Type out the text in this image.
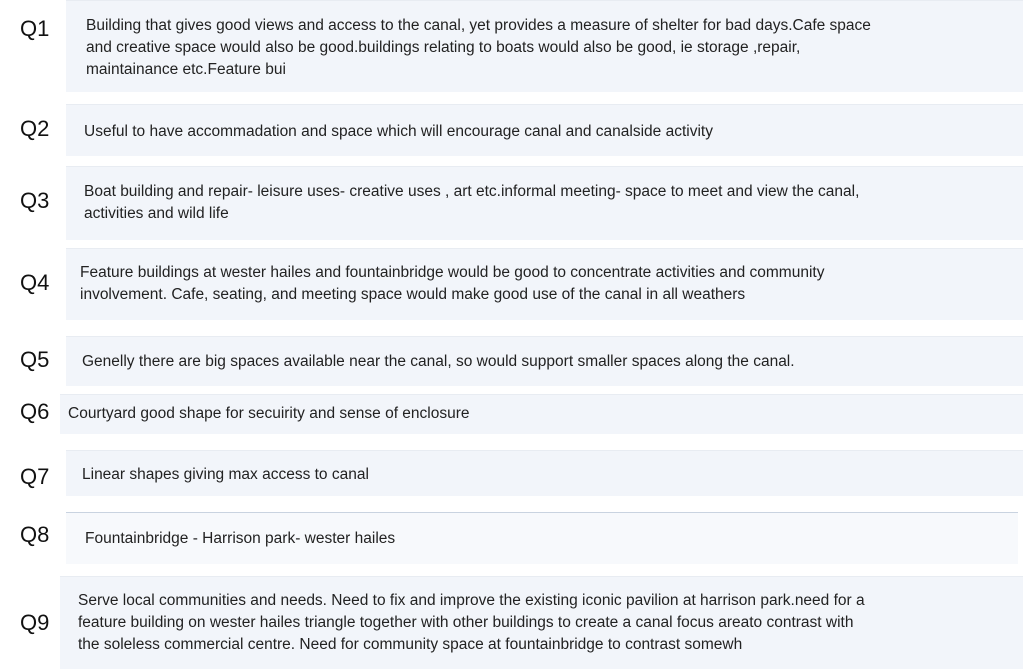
Q1 Building that gives good views and access to the canal, yet provides a measure of shelter for bad days.Cafe space
and creative space would also be good.buildings relating to boats would also be good, ie storage ,repair,
maintainance etc.Feature bui
Q2 Useful to have accommadation and space which will encourage canal and canalside activity
Q3 Boat building and repair- leisure uses- creative uses , art etc.informal meeting- space to meet and view the canal,
activities and wild life
Q4 Feature buildings at wester hailes and fountainbridge would be good to concentrate activities and community
involvement. Cafe, seating, and meeting space would make good use of the canal in all weathers
Q5 Genelly there are big spaces available near the canal, so would support smaller spaces along the canal.
Q6 Courtyard good shape for secuirity and sense of enclosure
Q7 Linear shapes giving max access to canal
Q8 Fountainbridge - Harrison park- wester hailes
Q9
Serve local communities and needs. Need to fix and improve the existing iconic pavilion at harrison park.need for a
feature building on wester hailes triangle together with other buildings to create a canal focus areato contrast with
the soleless commercial centre. Need for community space at fountainbridge to contrast somewh
